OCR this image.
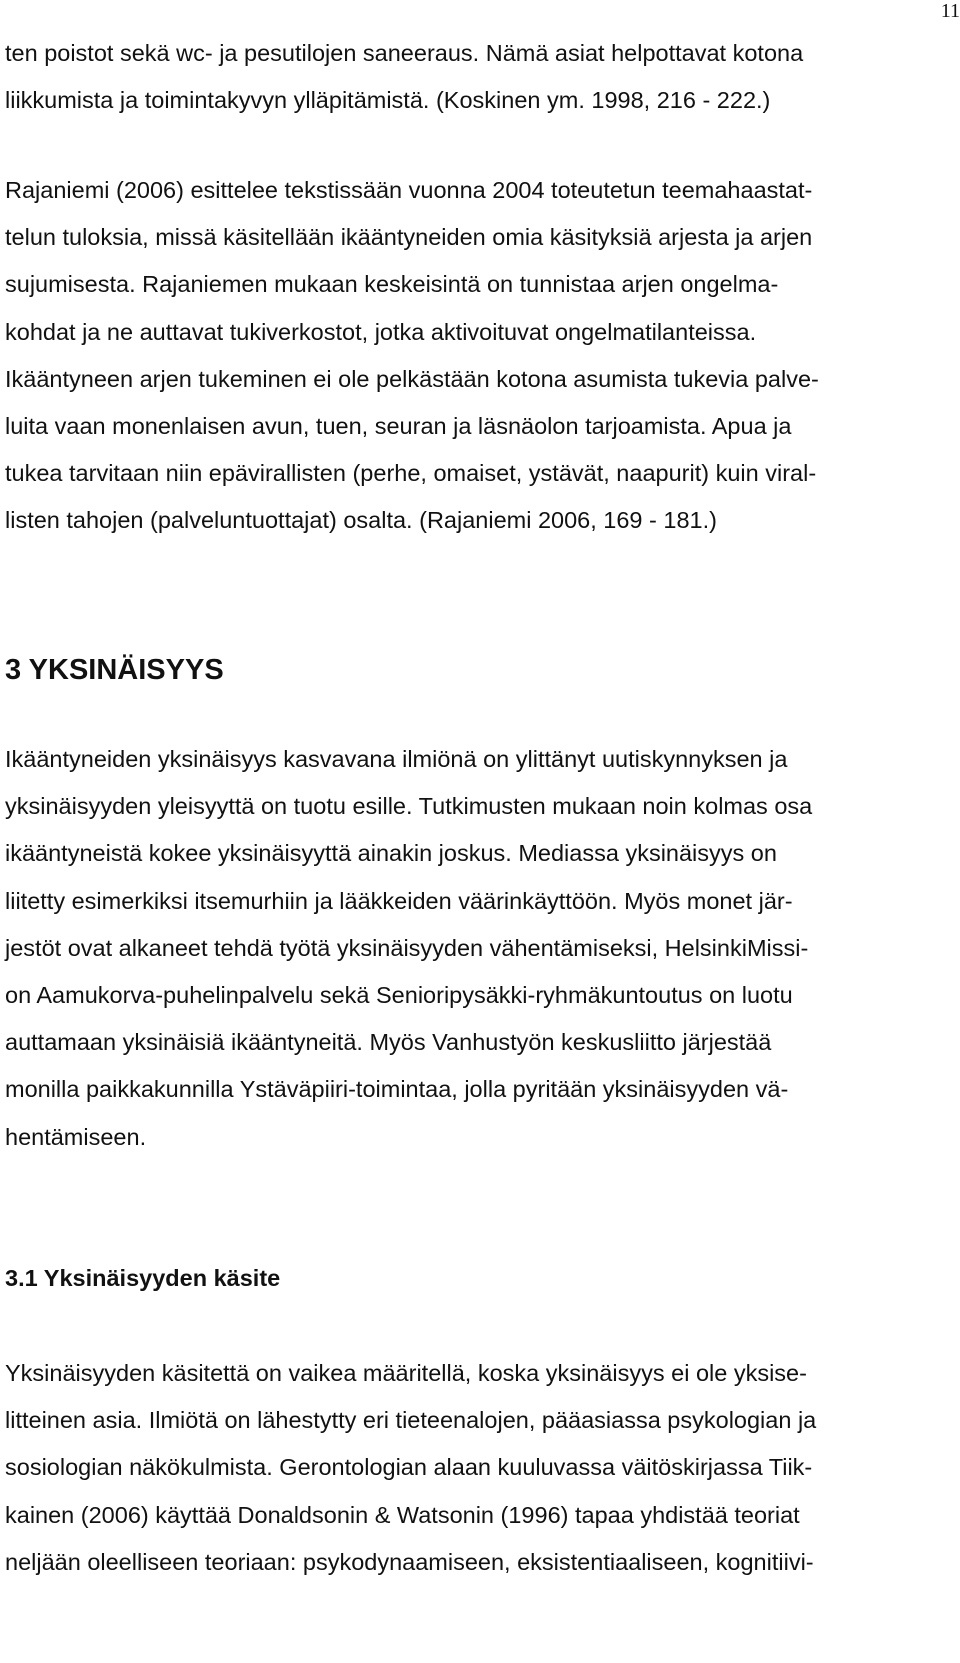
11
ten poistot sekä wc- ja pesutilojen saneeraus. Nämä asiat helpottavat kotona
liikkumista ja toimintakyvyn ylläpitämistä. (Koskinen ym. 1998, 216 - 222.)
Rajaniemi (2006) esittelee tekstissään vuonna 2004 toteutetun teemahaastat-
telun tuloksia, missä käsitellään ikääntyneiden omia käsityksiä arjesta ja arjen
sujumisesta. Rajaniemen mukaan keskeisintä on tunnistaa arjen ongelma-
kohdat ja ne auttavat tukiverkostot, jotka aktivoituvat ongelmatilanteissa.
Ikääntyneen arjen tukeminen ei ole pelkästään kotona asumista tukevia palve-
luita vaan monenlaisen avun, tuen, seuran ja läsnäolon tarjoamista. Apua ja
tukea tarvitaan niin epävirallisten (perhe, omaiset, ystävät, naapurit) kuin viral-
listen tahojen (palveluntuottajat) osalta. (Rajaniemi 2006, 169 - 181.)
3 YKSINÄISYYS
Ikääntyneiden yksinäisyys kasvavana ilmiönä on ylittänyt uutiskynnyksen ja
yksinäisyyden yleisyyttä on tuotu esille. Tutkimusten mukaan noin kolmas osa
ikääntyneistä kokee yksinäisyyttä ainakin joskus. Mediassa yksinäisyys on
liitetty esimerkiksi itsemurhiin ja lääkkeiden väärinkäyttöön. Myös monet jär-
jestöt ovat alkaneet tehdä työtä yksinäisyyden vähentämiseksi, HelsinkiMissi-
on Aamukorva-puhelinpalvelu sekä Senioripysäkki-ryhmäkuntoutus on luotu
auttamaan yksinäisiä ikääntyneitä. Myös Vanhustyön keskusliitto järjestää
monilla paikkakunnilla Ystäväpiiri-toimintaa, jolla pyritään yksinäisyyden vä-
hentämiseen.
3.1 Yksinäisyyden käsite
Yksinäisyyden käsitettä on vaikea määritellä, koska yksinäisyys ei ole yksise-
litteinen asia. Ilmiötä on lähestytty eri tieteenalojen, pääasiassa psykologian ja
sosiologian näkökulmista. Gerontologian alaan kuuluvassa väitöskirjassa Tiik-
kainen (2006) käyttää Donaldsonin & Watsonin (1996) tapaa yhdistää teoriat
neljään oleelliseen teoriaan: psykodynaamiseen, eksistentiaaliseen, kognitiivi-
